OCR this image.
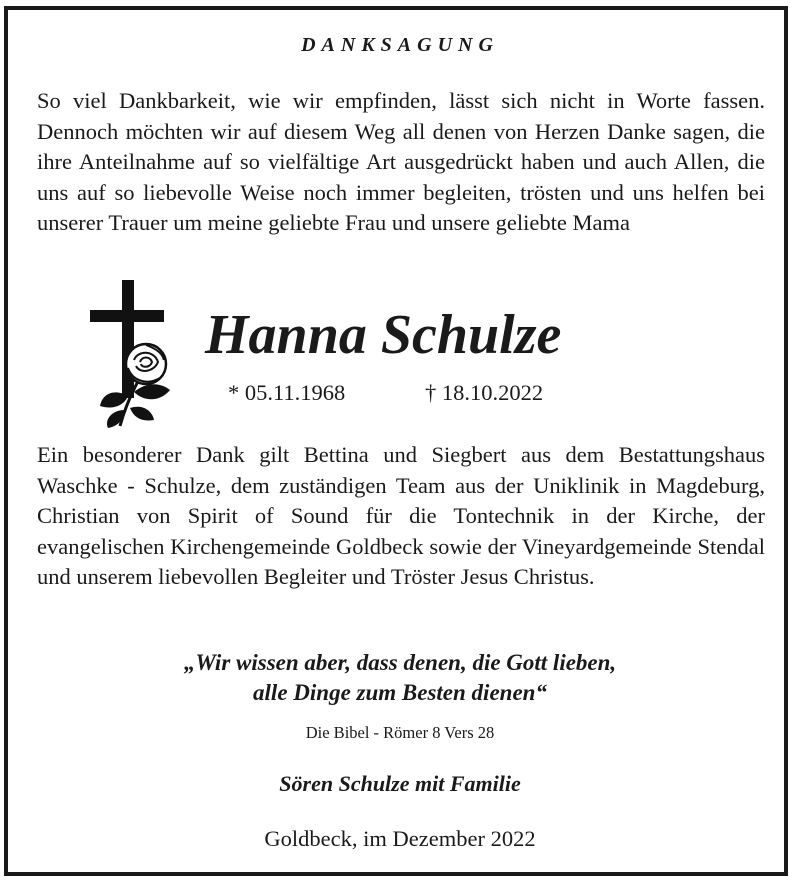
DANKSAGUNG

So viel Dankbarkeit, wie wir empfinden, lässt sich nicht in Worte fassen. Dennoch möchten wir auf diesem Weg all denen von Herzen Danke sagen, die ihre Anteilnahme auf so vielfältige Art ausgedrückt haben und auch Allen, die uns auf so liebevolle Weise noch immer begleiten, trösten und uns helfen bei unserer Trauer um meine geliebte Frau und unsere geliebte Mama

Hanna Schulze
* 05.11.1968	† 18.10.2022

Ein besonderer Dank gilt Bettina und Siegbert aus dem Bestattungshaus Waschke - Schulze, dem zuständigen Team aus der Uniklinik in Magdeburg, Christian von Spirit of Sound für die Tontechnik in der Kirche, der evangelischen Kirchengemeinde Goldbeck sowie der Vineyardgemeinde Stendal und unserem liebevollen Begleiter und Tröster Jesus Christus.

„Wir wissen aber, dass denen, die Gott lieben,
alle Dinge zum Besten dienen“

Die Bibel - Römer 8 Vers 28

Sören Schulze mit Familie

Goldbeck, im Dezember 2022
